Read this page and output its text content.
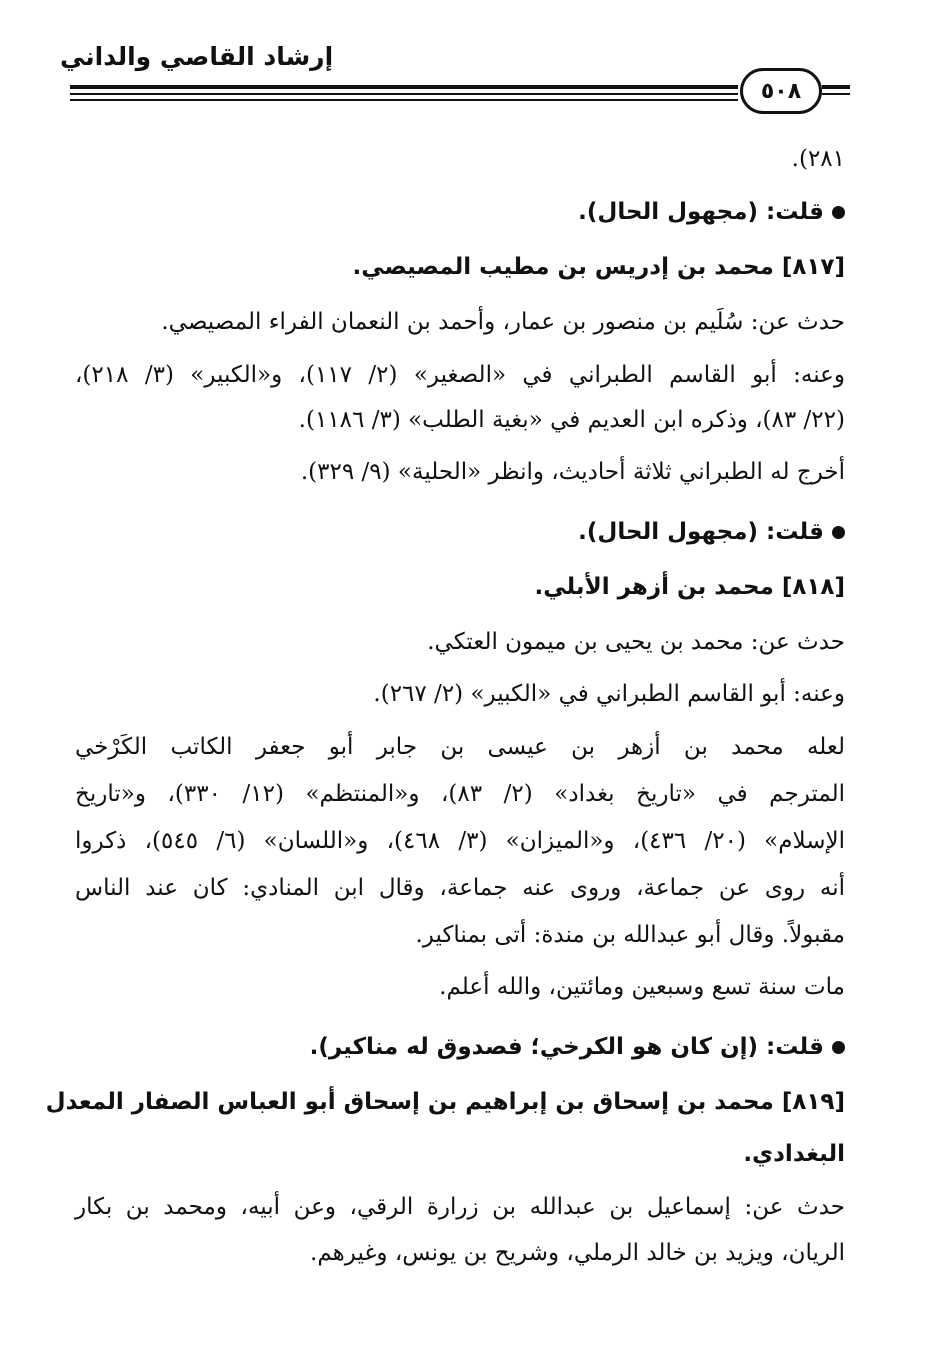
إرشاد القاصي والداني
٥٠٨
٢٨١).
قلت: (مجهول الحال).
[٨١٧] محمد بن إدريس بن مطيب المصيصي.
حدث عن: سُلَيم بن منصور بن عمار، وأحمد بن النعمان الفراء المصيصي.
وعنه: أبو القاسم الطبراني في «الصغير» (٢/ ١١٧)، و«الكبير» (٣/ ٢١٨)،
(٢٢/ ٨٣)، وذكره ابن العديم في «بغية الطلب» (٣/ ١١٨٦).
أخرج له الطبراني ثلاثة أحاديث، وانظر «الحلية» (٩/ ٣٢٩).
قلت: (مجهول الحال).
[٨١٨] محمد بن أزهر الأبلي.
حدث عن: محمد بن يحيى بن ميمون العتكي.
وعنه: أبو القاسم الطبراني في «الكبير» (٢/ ٢٦٧).
لعله محمد بن أزهر بن عيسى بن جابر أبو جعفر الكاتب الكَرْخي
المترجم في «تاريخ بغداد» (٢/ ٨٣)، و«المنتظم» (١٢/ ٣٣٠)، و«تاريخ
الإسلام» (٢٠/ ٤٣٦)، و«الميزان» (٣/ ٤٦٨)، و«اللسان» (٦/ ٥٤٥)، ذكروا
أنه روى عن جماعة، وروى عنه جماعة، وقال ابن المنادي: كان عند الناس
مقبولاً. وقال أبو عبدالله بن مندة: أتى بمناكير.
مات سنة تسع وسبعين ومائتين، والله أعلم.
قلت: (إن كان هو الكرخي؛ فصدوق له مناكير).
[٨١٩] محمد بن إسحاق بن إبراهيم بن إسحاق أبو العباس الصفار المعدل
البغدادي.
حدث عن: إسماعيل بن عبدالله بن زرارة الرقي، وعن أبيه، ومحمد بن بكار
الريان، ويزيد بن خالد الرملي، وشريح بن يونس، وغيرهم.
